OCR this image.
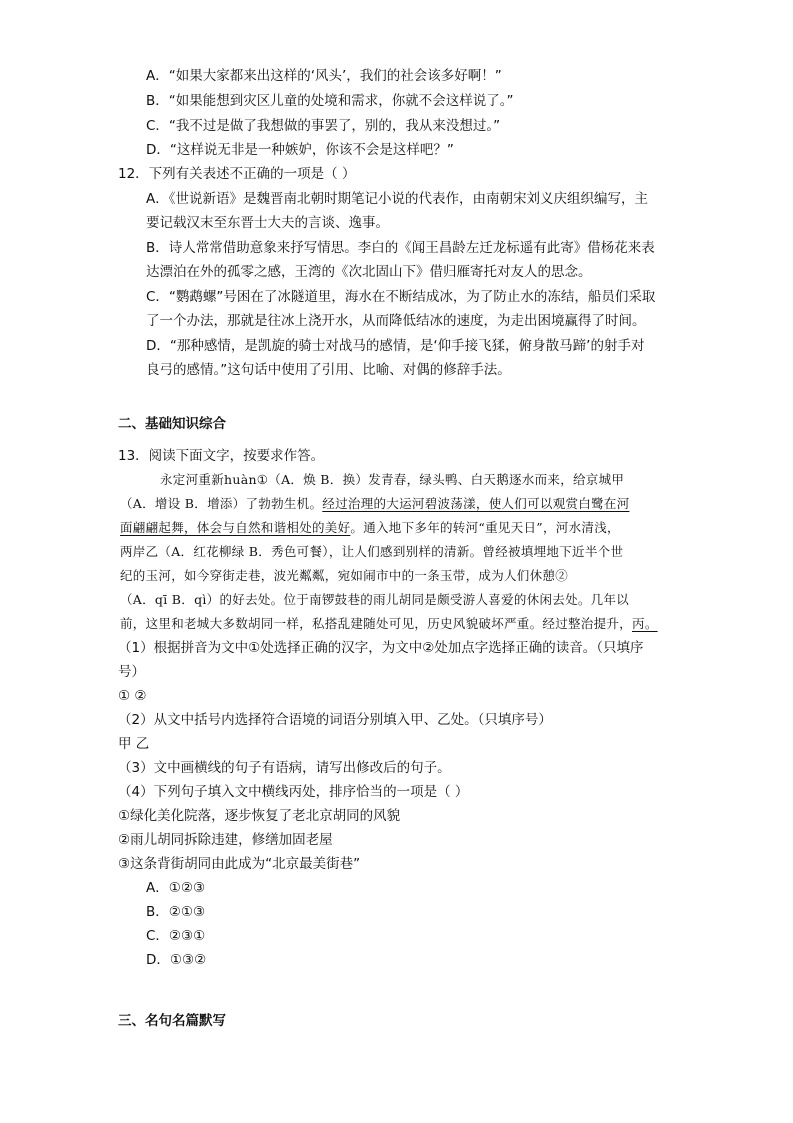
A．“如果大家都来出这样的‘风头’，我们的社会该多好啊！”
B．“如果能想到灾区儿童的处境和需求，你就不会这样说了。”
C．“我不过是做了我想做的事罢了，别的，我从来没想过。”
D．“这样说无非是一种嫉妒，你该不会是这样吧？”
12．下列有关表述不正确的一项是（ ）
A．《世说新语》是魏晋南北朝时期笔记小说的代表作，由南朝宋刘义庆组织编写，主
要记载汉末至东晋士大夫的言谈、逸事。
B．诗人常常借助意象来抒写情思。李白的《闻王昌龄左迁龙标遥有此寄》借杨花来表
达漂泊在外的孤零之感，王湾的《次北固山下》借归雁寄托对友人的思念。
C．“鹦鹉螺”号困在了冰隧道里，海水在不断结成冰，为了防止水的冻结，船员们采取
了一个办法，那就是往冰上浇开水，从而降低结冰的速度，为走出困境赢得了时间。
D．“那种感情，是凯旋的骑士对战马的感情，是‘仰手接飞猱，俯身散马蹄’的射手对
良弓的感情。”这句话中使用了引用、比喻、对偶的修辞手法。
二、基础知识综合
13．阅读下面文字，按要求作答。
永定河重新huàn①（A．焕 B．换）发青春，绿头鸭、白天鹅逐水而来，给京城甲
（A．增设 B．增添）了勃勃生机。经过治理的大运河碧波荡漾，使人们可以观赏白鹭在河
面翩翩起舞，体会与自然和谐相处的美好。通入地下多年的转河“重见天日”，河水清浅，
两岸乙（A．红花柳绿 B．秀色可餐），让人们感到别样的清新。曾经被填埋地下近半个世
纪的玉河，如今穿街走巷，波光粼粼，宛如闹市中的一条玉带，成为人们休憩②
（A．qī B．qì）的好去处。位于南锣鼓巷的雨儿胡同是颇受游人喜爱的休闲去处。几年以
前，这里和老城大多数胡同一样，私搭乱建随处可见，历史风貌破坏严重。经过整治提升，丙。
（1）根据拼音为文中①处选择正确的汉字，为文中②处加点字选择正确的读音。（只填序
号）
① ②
（2）从文中括号内选择符合语境的词语分别填入甲、乙处。（只填序号）
甲 乙
（3）文中画横线的句子有语病，请写出修改后的句子。
（4）下列句子填入文中横线丙处，排序恰当的一项是（ ）
①绿化美化院落，逐步恢复了老北京胡同的风貌
②雨儿胡同拆除违建，修缮加固老屋
③这条背街胡同由此成为“北京最美街巷”
A．①②③
B．②①③
C．②③①
D．①③②
三、名句名篇默写
